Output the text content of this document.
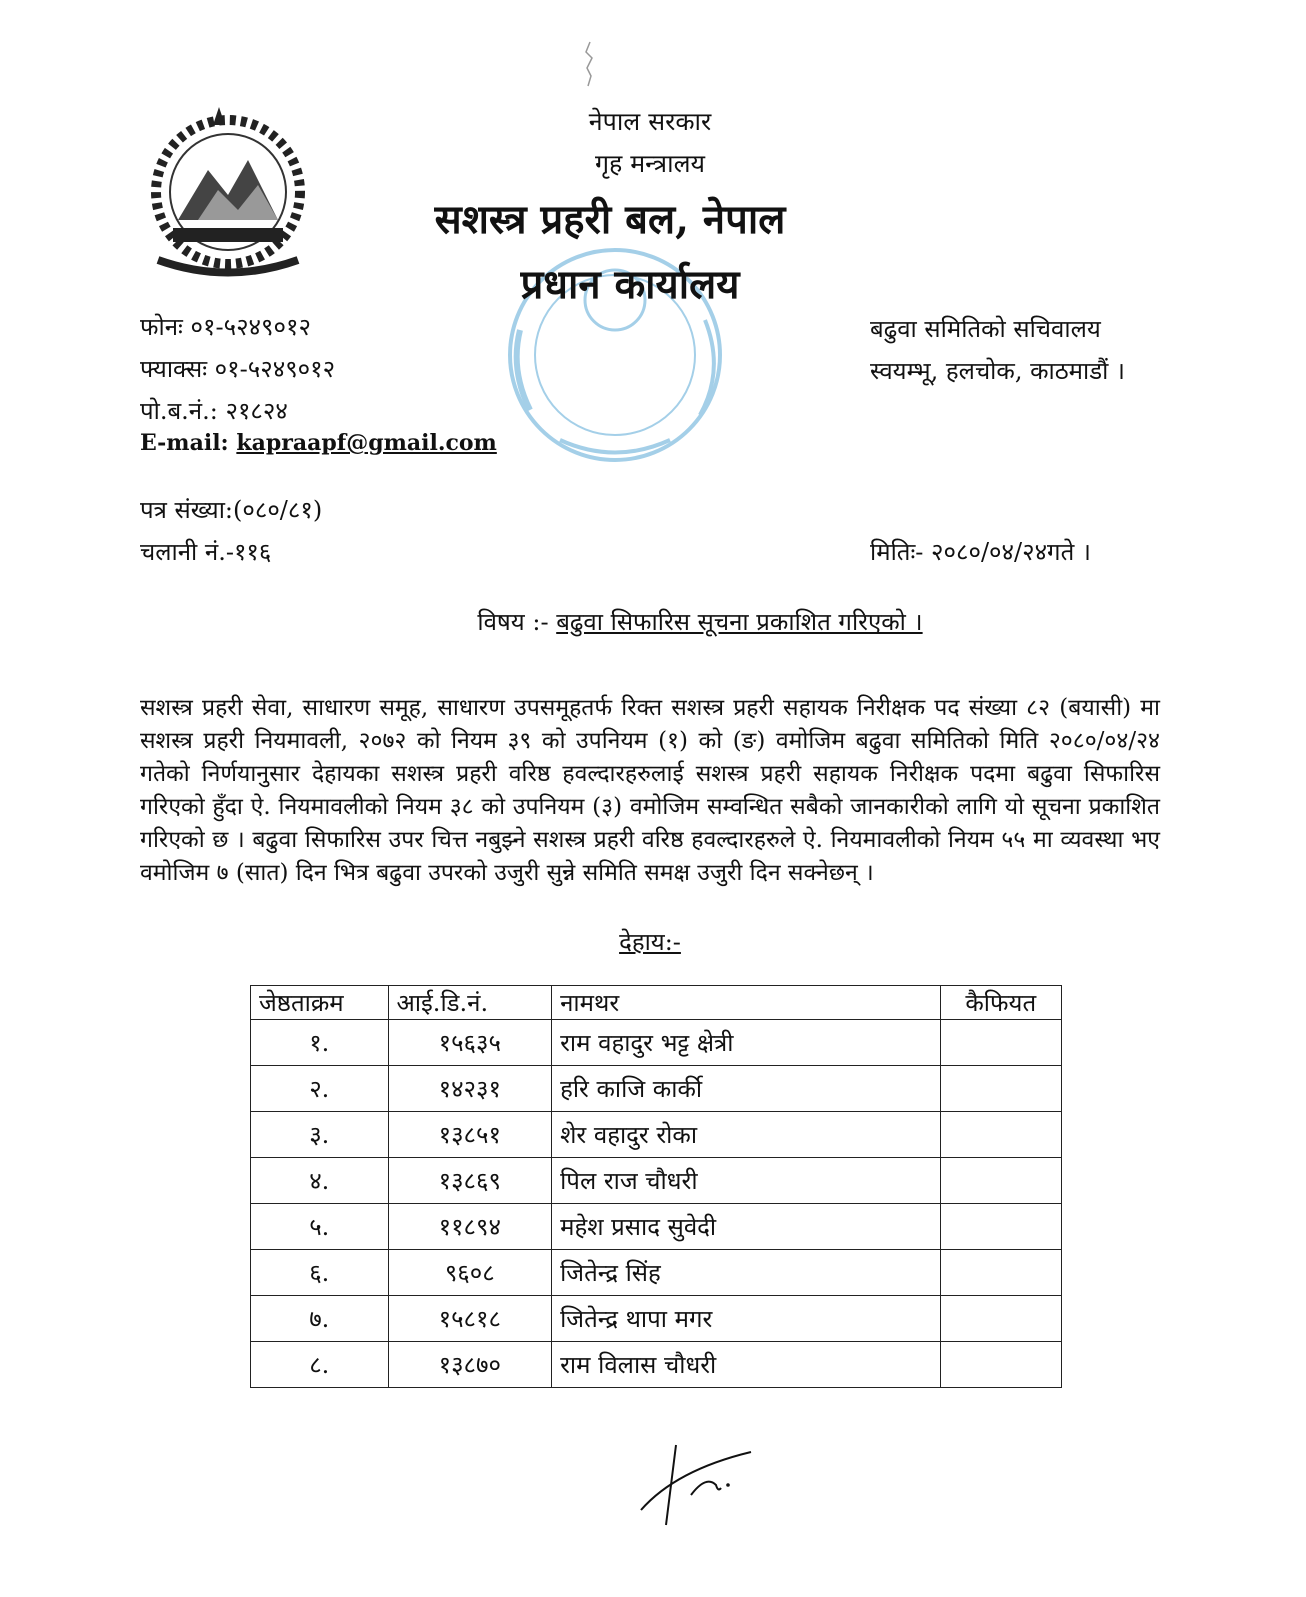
नेपाल सरकार
गृह मन्त्रालय
सशस्त्र प्रहरी बल, नेपाल
प्रधान कार्यालय
फोनः ०१-५२४९०१२
फ्याक्सः ०१-५२४९०१२
पो.ब.नं.: २१८२४
E-mail: kapraapf@gmail.com
बढुवा समितिको सचिवालय
स्वयम्भू, हलचोक, काठमाडौं ।
पत्र संख्या:(०८०/८१)
चलानी नं.-११६	मितिः- २०८०/०४/२४गते ।
विषय :- बढुवा सिफारिस सूचना प्रकाशित गरिएको ।
सशस्त्र प्रहरी सेवा, साधारण समूह, साधारण उपसमूहतर्फ रिक्त सशस्त्र प्रहरी सहायक निरीक्षक पद संख्या ८२ (बयासी) मा सशस्त्र प्रहरी नियमावली, २०७२ को नियम ३९ को उपनियम (१) को (ङ) वमोजिम बढुवा समितिको मिति २०८०/०४/२४ गतेको निर्णयानुसार देहायका सशस्त्र प्रहरी वरिष्ठ हवल्दारहरुलाई सशस्त्र प्रहरी सहायक निरीक्षक पदमा बढुवा सिफारिस गरिएको हुँदा ऐ. नियमावलीको नियम ३८ को उपनियम (३) वमोजिम सम्वन्धित सबैको जानकारीको लागि यो सूचना प्रकाशित गरिएको छ । बढुवा सिफारिस उपर चित्त नबुझ्ने सशस्त्र प्रहरी वरिष्ठ हवल्दारहरुले ऐ. नियमावलीको नियम ५५ मा व्यवस्था भए वमोजिम ७ (सात) दिन भित्र बढुवा उपरको उजुरी सुन्ने समिति समक्ष उजुरी दिन सक्नेछन् ।
देहाय:-
जेष्ठताक्रम	आई.डि.नं.	नामथर	कैफियत
१.	१५६३५	राम वहादुर भट्ट क्षेत्री	
२.	१४२३१	हरि काजि कार्की	
३.	१३८५१	शेर वहादुर रोका	
४.	१३८६९	पिल राज चौधरी	
५.	११८९४	महेश प्रसाद सुवेदी	
६.	९६०८	जितेन्द्र सिंह	
७.	१५८१८	जितेन्द्र थापा मगर	
८.	१३८७०	राम विलास चौधरी	
